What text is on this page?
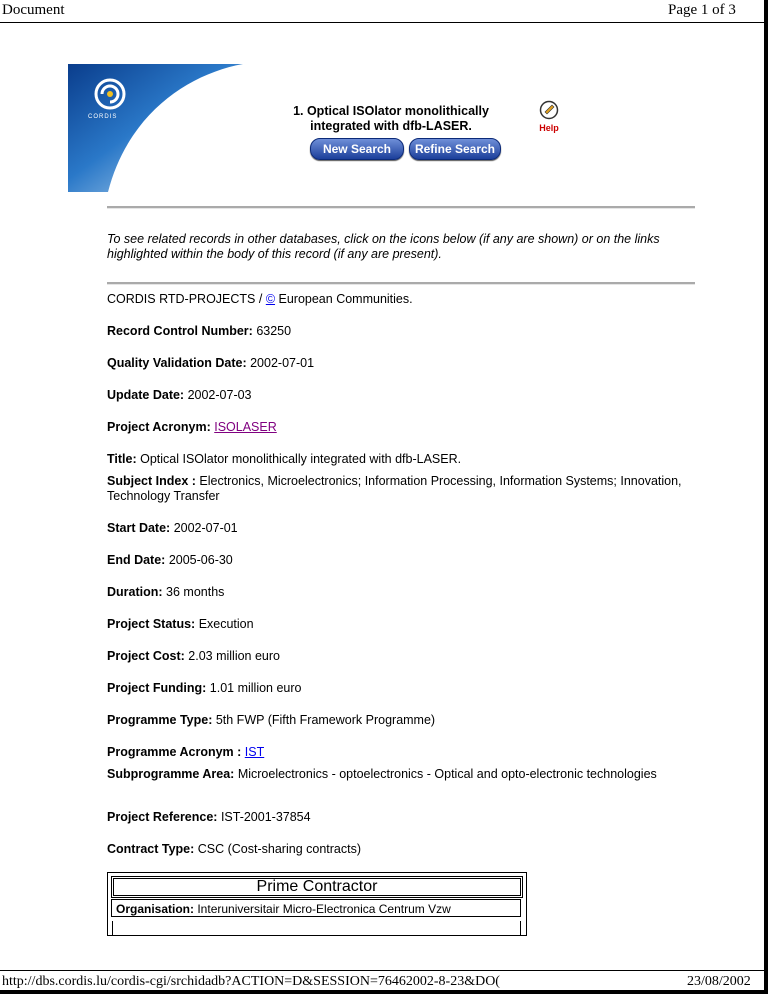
Document	Page 1 of 3
CORDIS	1. Optical ISOlator monolithically integrated with dfb-LASER.	Help
New Search	Refine Search
To see related records in other databases, click on the icons below (if any are shown) or on the links highlighted within the body of this record (if any are present).
CORDIS RTD-PROJECTS / © European Communities.
Record Control Number: 63250
Quality Validation Date: 2002-07-01
Update Date: 2002-07-03
Project Acronym: ISOLASER
Title: Optical ISOlator monolithically integrated with dfb-LASER.
Subject Index : Electronics, Microelectronics; Information Processing, Information Systems; Innovation, Technology Transfer
Start Date: 2002-07-01
End Date: 2005-06-30
Duration: 36 months
Project Status: Execution
Project Cost: 2.03 million euro
Project Funding: 1.01 million euro
Programme Type: 5th FWP (Fifth Framework Programme)
Programme Acronym : IST
Subprogramme Area: Microelectronics - optoelectronics - Optical and opto-electronic technologies
Project Reference: IST-2001-37854
Contract Type: CSC (Cost-sharing contracts)
Prime Contractor
Organisation: Interuniversitair Micro-Electronica Centrum Vzw
http://dbs.cordis.lu/cordis-cgi/srchidadb?ACTION=D&SESSION=76462002-8-23&DO(	23/08/2002
